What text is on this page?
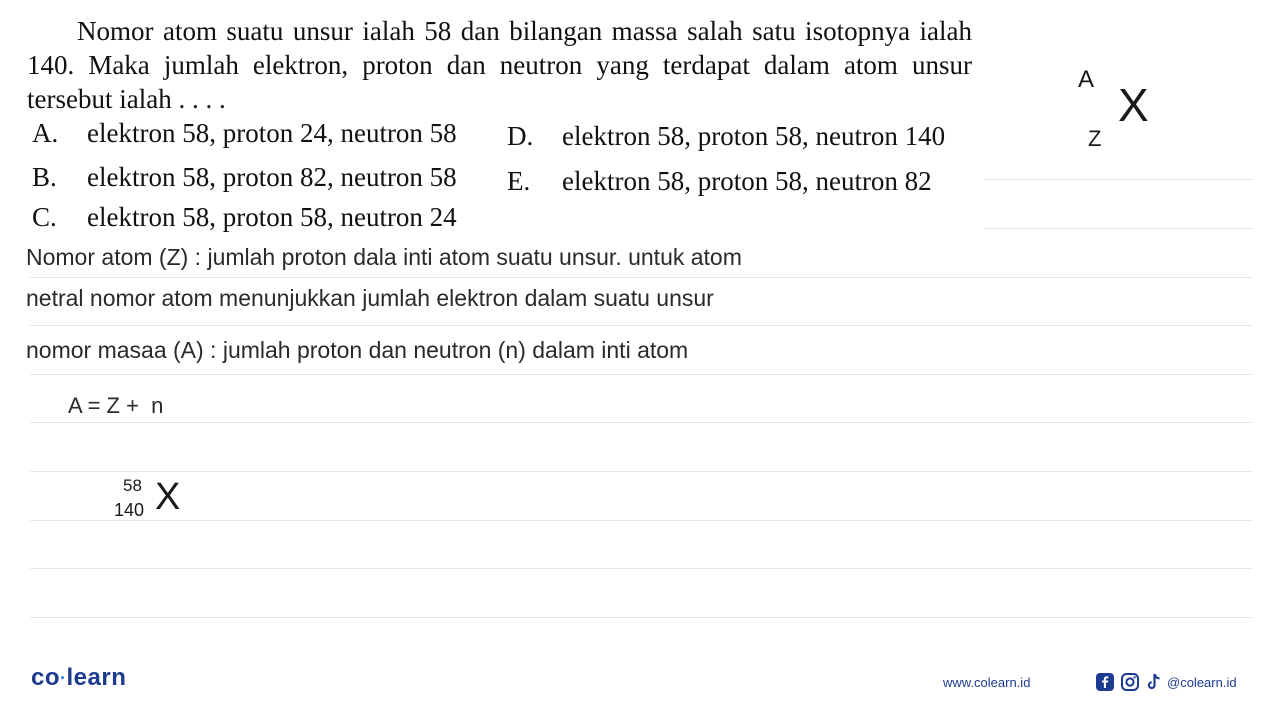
Nomor atom suatu unsur ialah 58 dan bilangan massa salah satu isotopnya ialah 140. Maka jumlah elektron, proton dan neutron yang terdapat dalam atom unsur tersebut ialah . . . .
A. elektron 58, proton 24, neutron 58
B. elektron 58, proton 82, neutron 58
C. elektron 58, proton 58, neutron 24
D. elektron 58, proton 58, neutron 140
E. elektron 58, proton 58, neutron 82
A
Z
X
Nomor atom (Z) : jumlah proton dala inti atom suatu unsur. untuk atom
netral nomor atom menunjukkan jumlah elektron dalam suatu unsur
nomor masaa (A) : jumlah proton dan neutron (n) dalam inti atom
A = Z +  n
58
140 X
co·learn	www.colearn.id	@colearn.id
